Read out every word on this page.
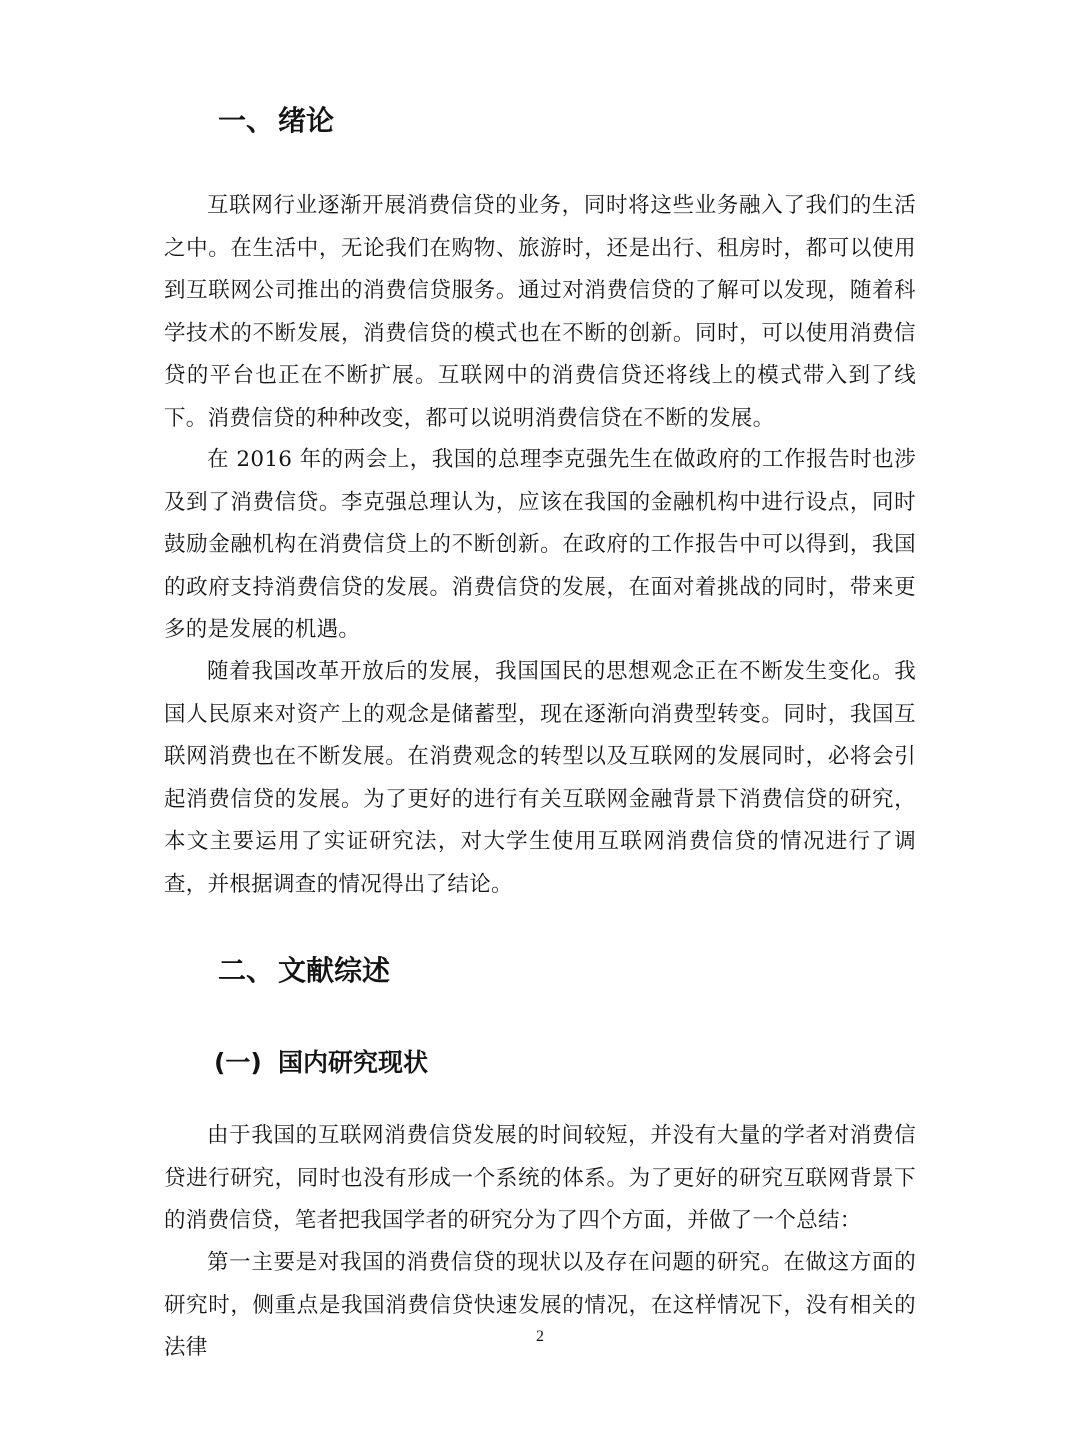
一、 绪论

互联网行业逐渐开展消费信贷的业务，同时将这些业务融入了我们的生活之中。在生活中，无论我们在购物、旅游时，还是出行、租房时，都可以使用到互联网公司推出的消费信贷服务。通过对消费信贷的了解可以发现，随着科学技术的不断发展，消费信贷的模式也在不断的创新。同时，可以使用消费信贷的平台也正在不断扩展。互联网中的消费信贷还将线上的模式带入到了线下。消费信贷的种种改变，都可以说明消费信贷在不断的发展。

在 2016 年的两会上，我国的总理李克强先生在做政府的工作报告时也涉及到了消费信贷。李克强总理认为，应该在我国的金融机构中进行设点，同时鼓励金融机构在消费信贷上的不断创新。在政府的工作报告中可以得到，我国的政府支持消费信贷的发展。消费信贷的发展，在面对着挑战的同时，带来更多的是发展的机遇。

随着我国改革开放后的发展，我国国民的思想观念正在不断发生变化。我国人民原来对资产上的观念是储蓄型，现在逐渐向消费型转变。同时，我国互联网消费也在不断发展。在消费观念的转型以及互联网的发展同时，必将会引起消费信贷的发展。为了更好的进行有关互联网金融背景下消费信贷的研究，本文主要运用了实证研究法，对大学生使用互联网消费信贷的情况进行了调查，并根据调查的情况得出了结论。

二、 文献综述
(一) 国内研究现状

由于我国的互联网消费信贷发展的时间较短，并没有大量的学者对消费信贷进行研究，同时也没有形成一个系统的体系。为了更好的研究互联网背景下的消费信贷，笔者把我国学者的研究分为了四个方面，并做了一个总结：

第一主要是对我国的消费信贷的现状以及存在问题的研究。在做这方面的研究时，侧重点是我国消费信贷快速发展的情况，在这样情况下，没有相关的法律	2
